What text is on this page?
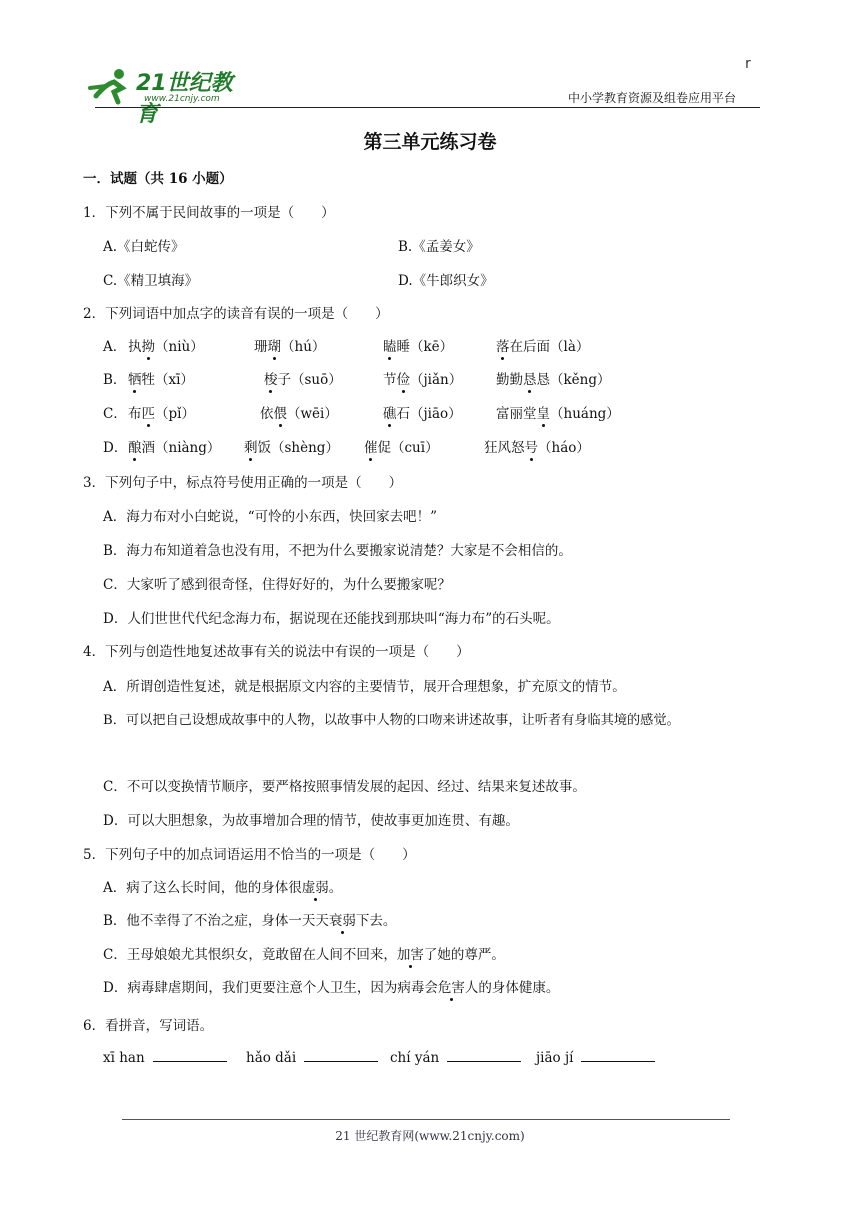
21世纪教育
www.21cnjy.com
r
中小学教育资源及组卷应用平台
第三单元练习卷
一．试题（共 16 小题）
1．下列不属于民间故事的一项是（　　）
A.《白蛇传》	B.《孟姜女》
C.《精卫填海》	D.《牛郎织女》
2．下列词语中加点字的读音有误的一项是（　　）
A． 执拗（niù）	珊瑚（hú）	瞌睡（kē）	落在后面（là）
B． 牺牲（xī）	梭子（suō）	节俭（jiǎn）	勤勤恳恳（kěng）
C． 布匹（pǐ）	依偎（wēi）	礁石（jiāo）	富丽堂皇（huáng）
D． 酿酒（niàng） 剩饭（shèng） 催促（cuī）	狂风怒号（háo）
3．下列句子中，标点符号使用正确的一项是（　　）
A．海力布对小白蛇说，“可怜的小东西，快回家去吧！”
B．海力布知道着急也没有用，不把为什么要搬家说清楚？大家是不会相信的。
C．大家听了感到很奇怪，住得好好的，为什么要搬家呢？
D．人们世世代代纪念海力布，据说现在还能找到那块叫“海力布”的石头呢。
4．下列与创造性地复述故事有关的说法中有误的一项是（　　）
A．所谓创造性复述，就是根据原文内容的主要情节，展开合理想象，扩充原文的情节。
B．可以把自己设想成故事中的人物，以故事中人物的口吻来讲述故事，让听者有身临其境的感觉。
C．不可以变换情节顺序，要严格按照事情发展的起因、经过、结果来复述故事。
D．可以大胆想象，为故事增加合理的情节，使故事更加连贯、有趣。
5．下列句子中的加点词语运用不恰当的一项是（　　）
A．病了这么长时间，他的身体很虚弱。
B．他不幸得了不治之症，身体一天天衰弱下去。
C．王母娘娘尤其恨织女，竟敢留在人间不回来，加害了她的尊严。
D．病毒肆虐期间，我们更要注意个人卫生，因为病毒会危害人的身体健康。
6．看拼音，写词语。
xī han	hǎo dǎi	chí yán	jiāo jí
21 世纪教育网(www.21cnjy.com)
